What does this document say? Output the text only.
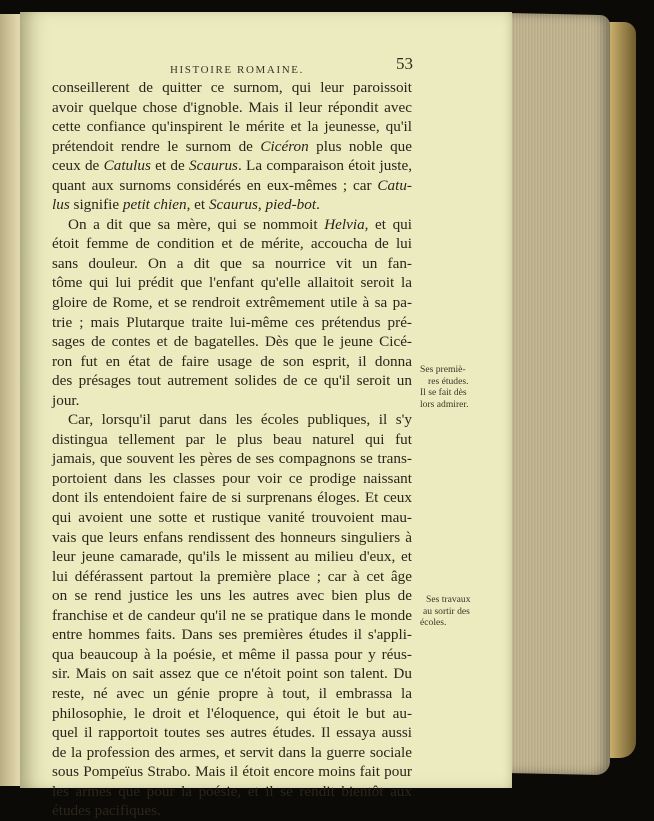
HISTOIRE ROMAINE.	53
conseillerent de quitter ce surnom, qui leur paroissoit
avoir quelque chose d'ignoble. Mais il leur répondit avec
cette confiance qu'inspirent le mérite et la jeunesse, qu'il
prétendoit rendre le surnom de Cicéron plus noble que
ceux de Catulus et de Scaurus. La comparaison étoit juste,
quant aux surnoms considérés en eux-mêmes ; car Catu-
lus signifie petit chien, et Scaurus, pied-bot.
On a dit que sa mère, qui se nommoit Helvia, et qui
étoit femme de condition et de mérite, accoucha de lui
sans douleur. On a dit que sa nourrice vit un fan-
tôme qui lui prédit que l'enfant qu'elle allaitoit seroit la
gloire de Rome, et se rendroit extrêmement utile à sa pa-
trie ; mais Plutarque traite lui-même ces prétendus pré-
sages de contes et de bagatelles. Dès que le jeune Cicé-
ron fut en état de faire usage de son esprit, il donna
des présages tout autrement solides de ce qu'il seroit un
jour.
Car, lorsqu'il parut dans les écoles publiques, il s'y
distingua tellement par le plus beau naturel qui fut
jamais, que souvent les pères de ses compagnons se trans-
portoient dans les classes pour voir ce prodige naissant
dont ils entendoient faire de si surprenans éloges. Et ceux
qui avoient une sotte et rustique vanité trouvoient mau-
vais que leurs enfans rendissent des honneurs singuliers à
leur jeune camarade, qu'ils le missent au milieu d'eux, et
lui déférassent partout la première place ; car à cet âge
on se rend justice les uns les autres avec bien plus de
franchise et de candeur qu'il ne se pratique dans le monde
entre hommes faits. Dans ses premières études il s'appli-
qua beaucoup à la poésie, et même il passa pour y réus-
sir. Mais on sait assez que ce n'étoit point son talent. Du
reste, né avec un génie propre à tout, il embrassa la
philosophie, le droit et l'éloquence, qui étoit le but au-
quel il rapportoit toutes ses autres études. Il essaya aussi
de la profession des armes, et servit dans la guerre sociale
sous Pompeïus Strabo. Mais il étoit encore moins fait pour
les armes que pour la poésie, et il se rendit bientôt aux
études pacifiques.
Ses premiè-
res études.
Il se fait dès
lors admirer.
Ses travaux
au sortir des
écoles.
